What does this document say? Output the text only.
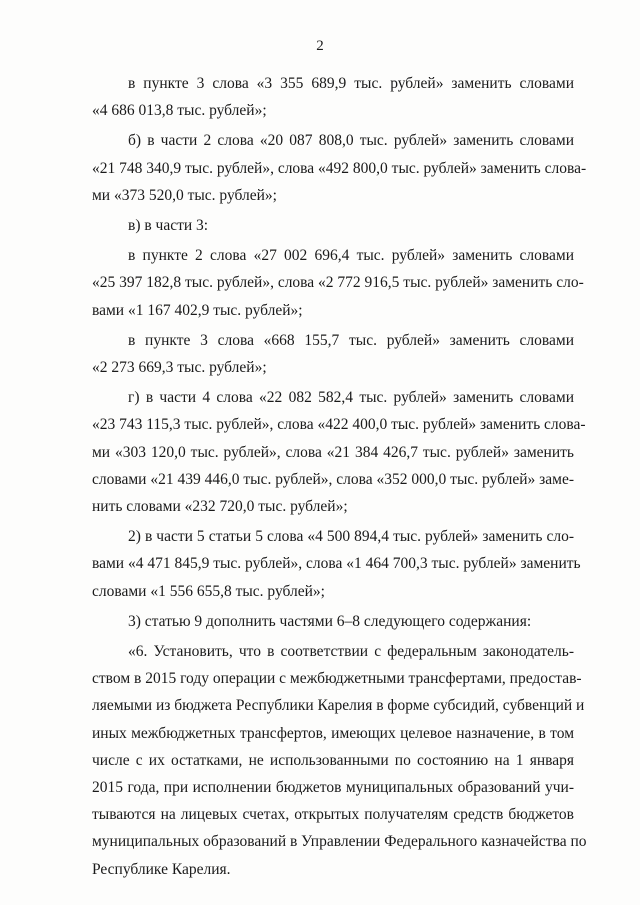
2
в пункте 3 слова «3 355 689,9 тыс. рублей» заменить словами
«4 686 013,8 тыс. рублей»;
б) в части 2 слова «20 087 808,0 тыс. рублей» заменить словами
«21 748 340,9 тыс. рублей», слова «492 800,0 тыс. рублей» заменить слова-
ми «373 520,0 тыс. рублей»;
в) в части 3:
в пункте 2 слова «27 002 696,4 тыс. рублей» заменить словами
«25 397 182,8 тыс. рублей», слова «2 772 916,5 тыс. рублей» заменить сло-
вами «1 167 402,9 тыс. рублей»;
в пункте 3 слова «668 155,7 тыс. рублей» заменить словами
«2 273 669,3 тыс. рублей»;
г) в части 4 слова «22 082 582,4 тыс. рублей» заменить словами
«23 743 115,3 тыс. рублей», слова «422 400,0 тыс. рублей» заменить слова-
ми «303 120,0 тыс. рублей», слова «21 384 426,7 тыс. рублей» заменить
словами «21 439 446,0 тыс. рублей», слова «352 000,0 тыс. рублей» заме-
нить словами «232 720,0 тыс. рублей»;
2) в части 5 статьи 5 слова «4 500 894,4 тыс. рублей» заменить сло-
вами «4 471 845,9 тыс. рублей», слова «1 464 700,3 тыс. рублей» заменить
словами «1 556 655,8 тыс. рублей»;
3) статью 9 дополнить частями 6–8 следующего содержания:
«6. Установить, что в соответствии с федеральным законодатель-
ством в 2015 году операции с межбюджетными трансфертами, предостав-
ляемыми из бюджета Республики Карелия в форме субсидий, субвенций и
иных межбюджетных трансфертов, имеющих целевое назначение, в том
числе с их остатками, не использованными по состоянию на 1 января
2015 года, при исполнении бюджетов муниципальных образований учи-
тываются на лицевых счетах, открытых получателям средств бюджетов
муниципальных образований в Управлении Федерального казначейства по
Республике Карелия.
